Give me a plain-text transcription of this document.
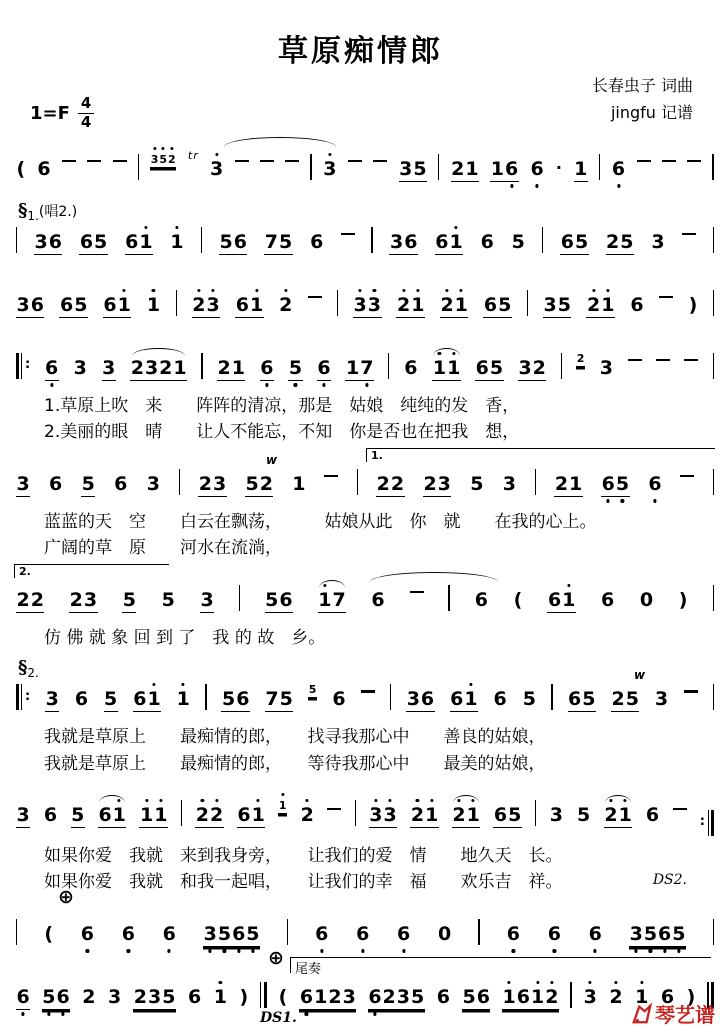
草原痴情郎
$1=F \frac{4}{4}$
长春虫子 词曲
jingfu 记谱
( 6	3 5 2 t r
3	3	3 5 2 1 1 6 6 · 1 6
$\S_{1.}$(唱2.)
3 6 6 5 6 1 1 5 6 7 5 6	3 6 6 1 6 5 6 5 2 5 3
3 6 6 5 6 1 1 2 3 6 1 2	3 3 2 1 2 1 6 5 3 5 2 1 6 )
: 6 3 3 2 3 2 1 2 1 6 5 6 1 7 6 1 1 6 5 3 2	2 3
1.草原上吹　来　　阵阵的清凉，那是　姑娘　纯纯的发　香，
2.美丽的眼　晴　　让人不能忘，不知　你是否也在把我　想，
w	1.
3 6 5 6 3 2 3 5 2 1	2 2 2 3 5 3 2 1 6 5 6
蓝蓝的天　空　　白云在飘荡，　　　姑娘从此　你　就　　在我的心上。
广阔的草　原　　河水在流淌，
2.
2 2 2 3 5 5 3	5 6 1 7 6	6 ( 6 1 6 0 )
仿 佛 就 象 回 到 了　我 的 故　乡。
$\S_{2.}$	w
: 3 6 5 6 1 1 5 6 7 5 5 6	3 6 6 1 6 5 6 5 2 5 3
我就是草原上　　最痴情的郎，　　找寻我那心中　　善良的姑娘，
我就是草原上　　最痴情的郎，　　等待我那心中　　最美的姑娘，
3 6 5 6 1 1 1 2 2 6 1 1 2	3 3 2 1 2 1 6 5 3 5 2 1 6	:
如果你爱　我就　来到我身旁，　　让我们的爱　情　　地久天　长。
如果你爱　我就　和我一起唱，　　让我们的幸　福　　欢乐吉　祥。	DS2.
⊕
( 6 6 6 3 5 6 5	6 6 6 0	6 6 6 3 5 6 5
⊕
尾奏
DS1.
6 5 6 2 3 2 3 5 6 1 ) ( 6 1 2 3 6 2 3 5 6 5 6 1 6 1 2 3 2 1 6 )
琴艺谱
